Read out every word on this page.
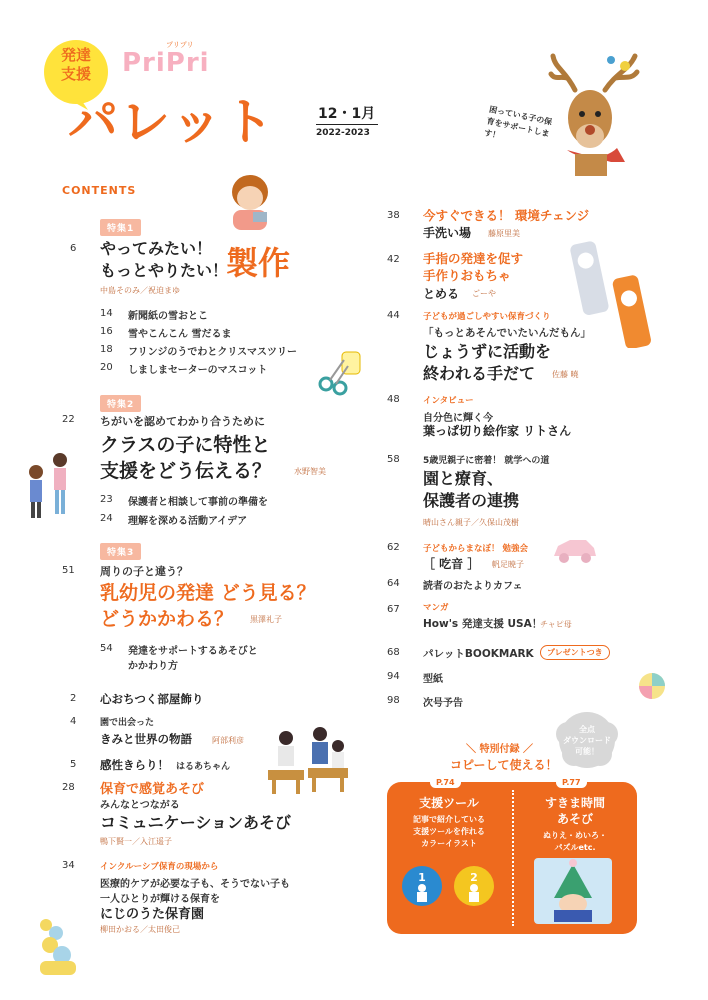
発達
支援	PriPri
プリプリ
パレット	12・1月
2022-2023
困っている子の保育をサポートします！
CONTENTS
特集1
6 やってみたい！
もっとやりたい！
製作
中島そのみ／祝迫まゆ
14 新聞紙の雪おとこ
16 雪やこんこん 雪だるま
18 フリンジのうでわとクリスマスツリー
20 しましまセーターのマスコット
特集2
22 ちがいを認めてわかり合うために
クラスの子に特性と
支援をどう伝える？	水野智美
23 保護者と相談して事前の準備を
24 理解を深める活動アイデア
特集3
51 周りの子と違う？
乳幼児の発達 どう見る？
どうかかわる？ 黒澤礼子
54 発達をサポートするあそびと
かかわり方
2 心おちつく部屋飾り
4	園で出会った
きみと世界の物語	阿部利彦
5 感性きらり！ はるあちゃん
28 保育で感覚あそび
みんなとつながる
コミュニケーションあそび
鴨下賢一／入江遥子
34	インクルーシブ保育の現場から
医療的ケアが必要な子も、そうでない子も
一人ひとりが輝ける保育を
にじのうた保育園
柳田かおる／太田俊己
38 今すぐできる！ 環境チェンジ
手洗い場 藤原里美
42 手指の発達を促す
手作りおもちゃ
とめる ごーや
44	子どもが過ごしやすい保育づくり
「もっとあそんでいたいんだもん」
じょうずに活動を
終われる手だて 佐藤 曉
48	インタビュー
自分色に輝く今
葉っぱ切り絵作家 リトさん
58	5歳児親子に密着！ 就学への道
園と療育、
保護者の連携
晴山さん親子／久保山茂樹
62	子どもからまなぼ！ 勉強会
［ 吃音 ］ 帆足暁子
64 読者のおたよりカフェ
67	マンガ
How's 発達支援 USA！
チャピ母
68 パレットBOOKMARK	プレゼントつき
94 型紙
98 次号予告
全点
ダウンロード
可能！
＼ 特別付録 ／
コピーして使える！
P.74
支援ツール
記事で紹介している
支援ツールを作れる
カラーイラスト
1	2
P.77
すきま時間
あそび
ぬりえ・めいろ・
パズルetc.
